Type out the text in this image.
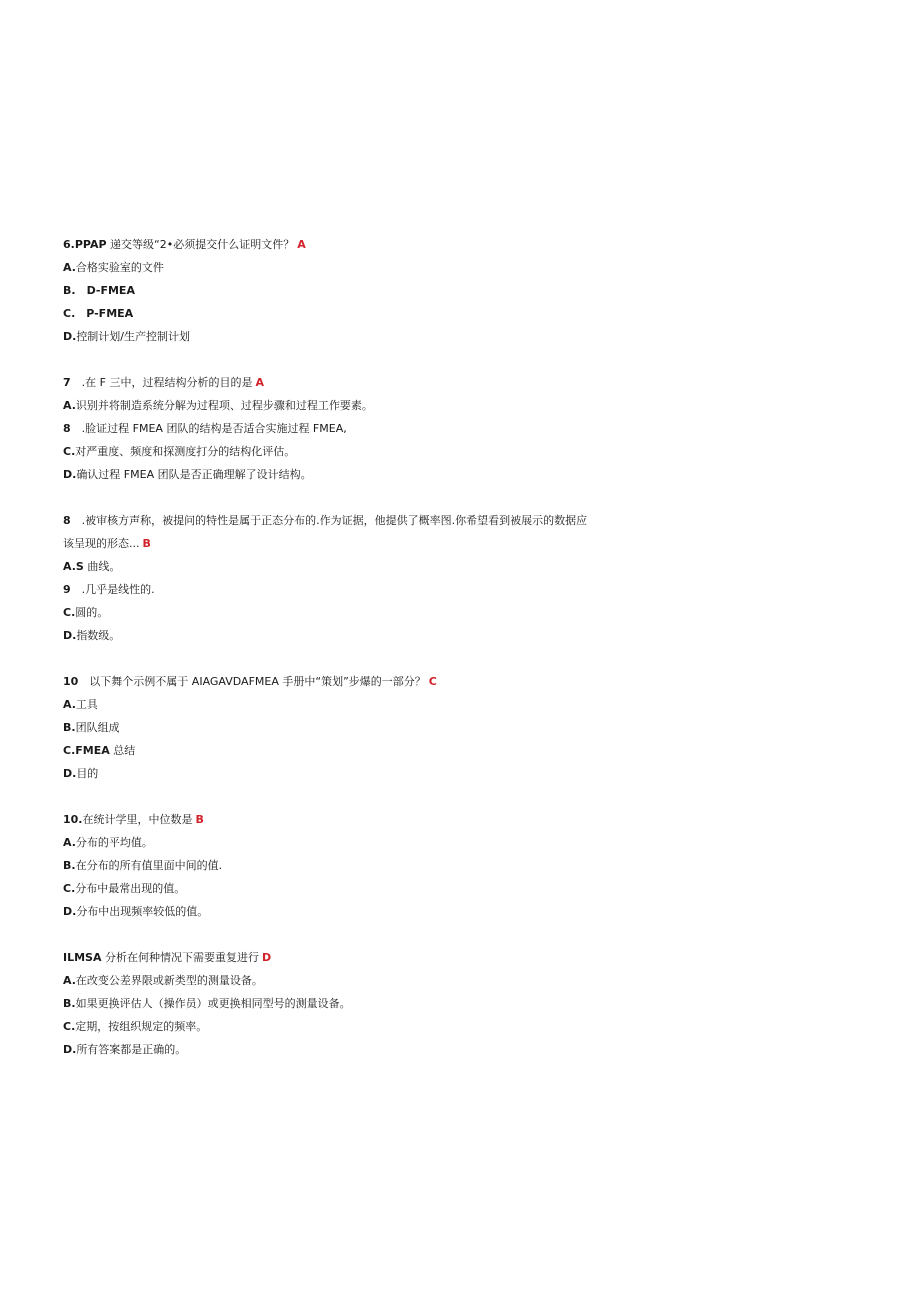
6.PPAP 递交等级“2•必须提交什么证明文件？ A
A.合格实验室的文件
B.　D-FMEA
C.　P-FMEA
D.控制计划/生产控制计划
7　.在 F 三中，过程结构分析的目的是 A
A.识别并将制造系统分解为过程项、过程步骤和过程工作要素。
8　.脸证过程 FMEA 团队的结构是否适合实施过程 FMEA,
C.对严重度、频度和探测度打分的结构化评估。
D.确认过程 FMEA 团队是否正确理解了设计结构。
8　.被审核方声称，被提问的特性是属于正态分布的.作为证据，他提供了概率图.你希望看到被展示的数据应
该呈现的形态... B
A.S 曲线。
9　.几乎是线性的.
C.圆的。
D.指数级。
10　以下舞个示例不属于 AIAGAVDAFMEA 手册中“策划”步爆的一部分？ C
A.工具
B.团队组成
C.FMEA 总结
D.目的
10.在统计学里，中位数是 B
A.分布的平均值。
B.在分布的所有值里面中间的值.
C.分布中最常出现的值。
D.分布中出现频率较低的值。
ILMSA 分析在何种情况下需要重复进行 D
A.在改变公差界限或新类型的测量设备。
B.如果更换评估人（操作员）或更换相同型号的测量设备。
C.定期，按组织规定的频率。
D.所有答案都是正确的。
